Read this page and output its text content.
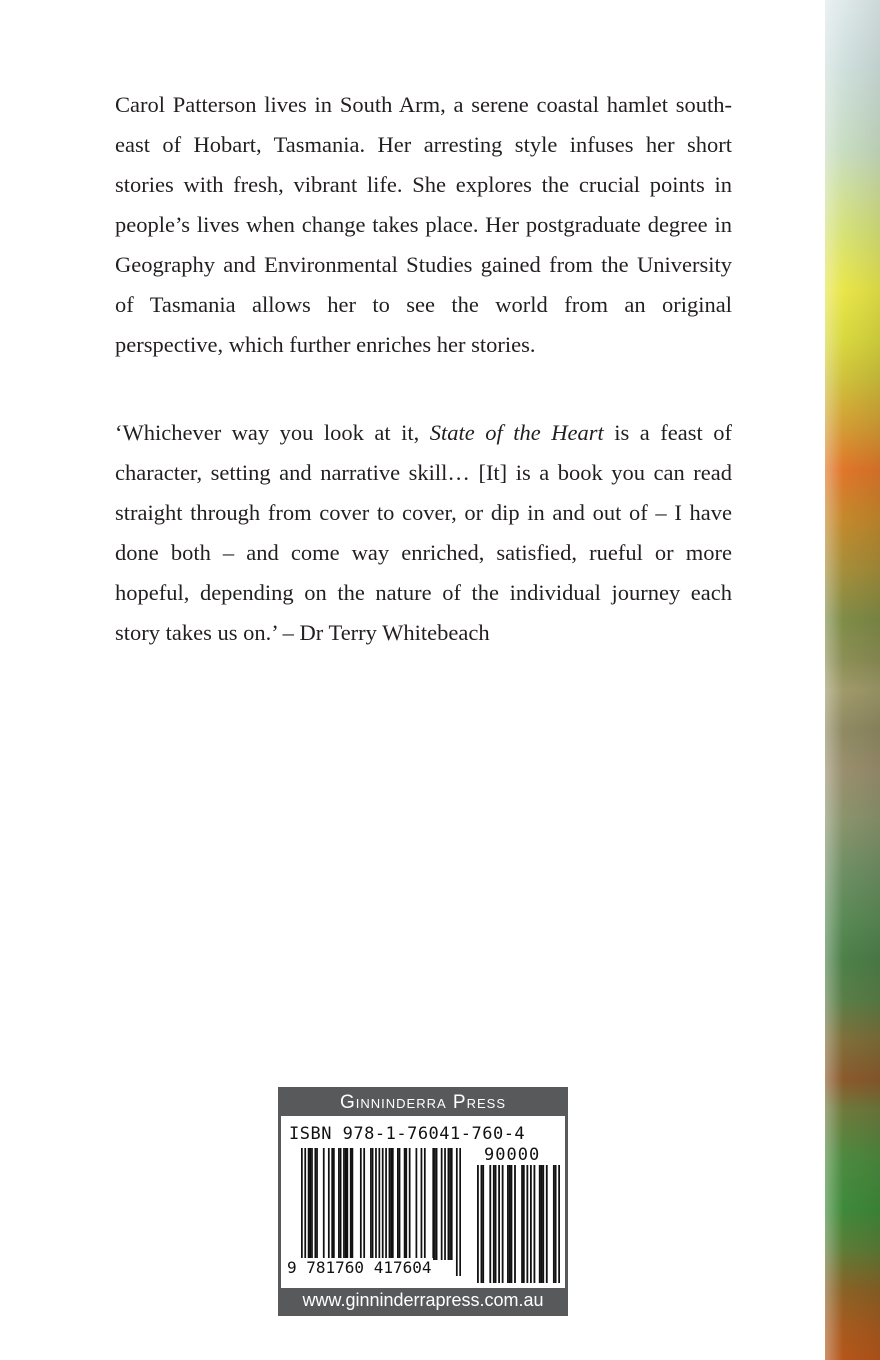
Carol Patterson lives in South Arm, a serene coastal hamlet south-east of Hobart, Tasmania. Her arresting style infuses her short stories with fresh, vibrant life. She explores the crucial points in people’s lives when change takes place. Her postgraduate degree in Geography and Environmental Studies gained from the University of Tasmania allows her to see the world from an original perspective, which further enriches her stories.

‘Whichever way you look at it, State of the Heart is a feast of character, setting and narrative skill… [It] is a book you can read straight through from cover to cover, or dip in and out of – I have done both – and come way enriched, satisfied, rueful or more hopeful, depending on the nature of the individual journey each story takes us on.’ – Dr Terry Whitebeach

Ginninderra Press
ISBN 978-1-76041-760-4
90000
9 781760 417604
www.ginninderrapress.com.au
